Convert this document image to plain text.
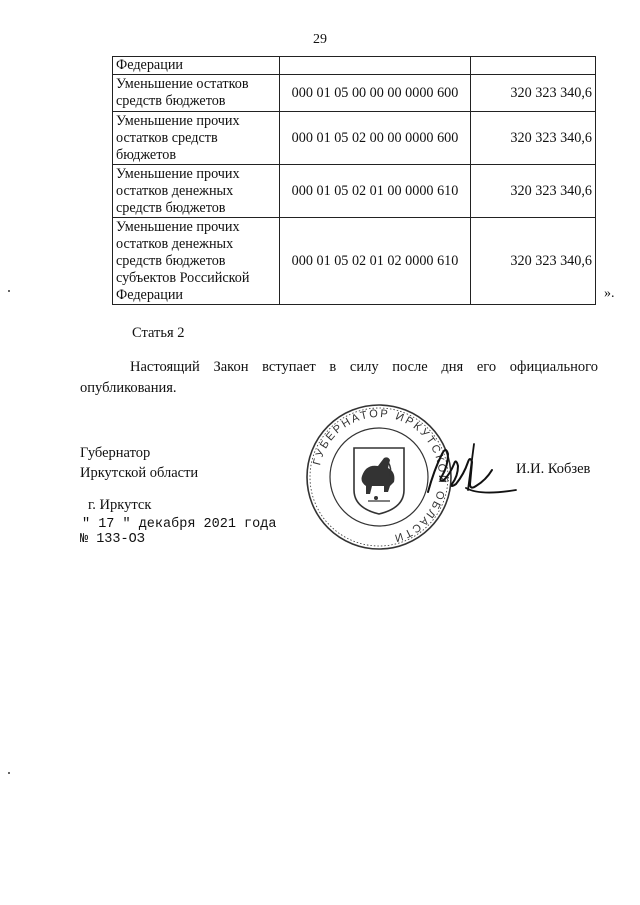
29
Федерации		
Уменьшение остатков средств бюджетов	000 01 05 00 00 00 0000 600	320 323 340,6
Уменьшение прочих остатков средств бюджетов	000 01 05 02 00 00 0000 600	320 323 340,6
Уменьшение прочих остатков денежных средств бюджетов	000 01 05 02 01 00 0000 610	320 323 340,6
Уменьшение прочих остатков денежных средств бюджетов субъектов Российской Федерации	000 01 05 02 01 02 0000 610	320 323 340,6
».
Статья 2
Настоящий Закон вступает в силу после дня его официального опубликования.
Губернатор
Иркутской области	И.И. Кобзев
г. Иркутск
" 17 " декабря 2021 года
№ 133-ОЗ
ГУБЕРНАТОР ИРКУТСКОЙ ОБЛАСТИ
